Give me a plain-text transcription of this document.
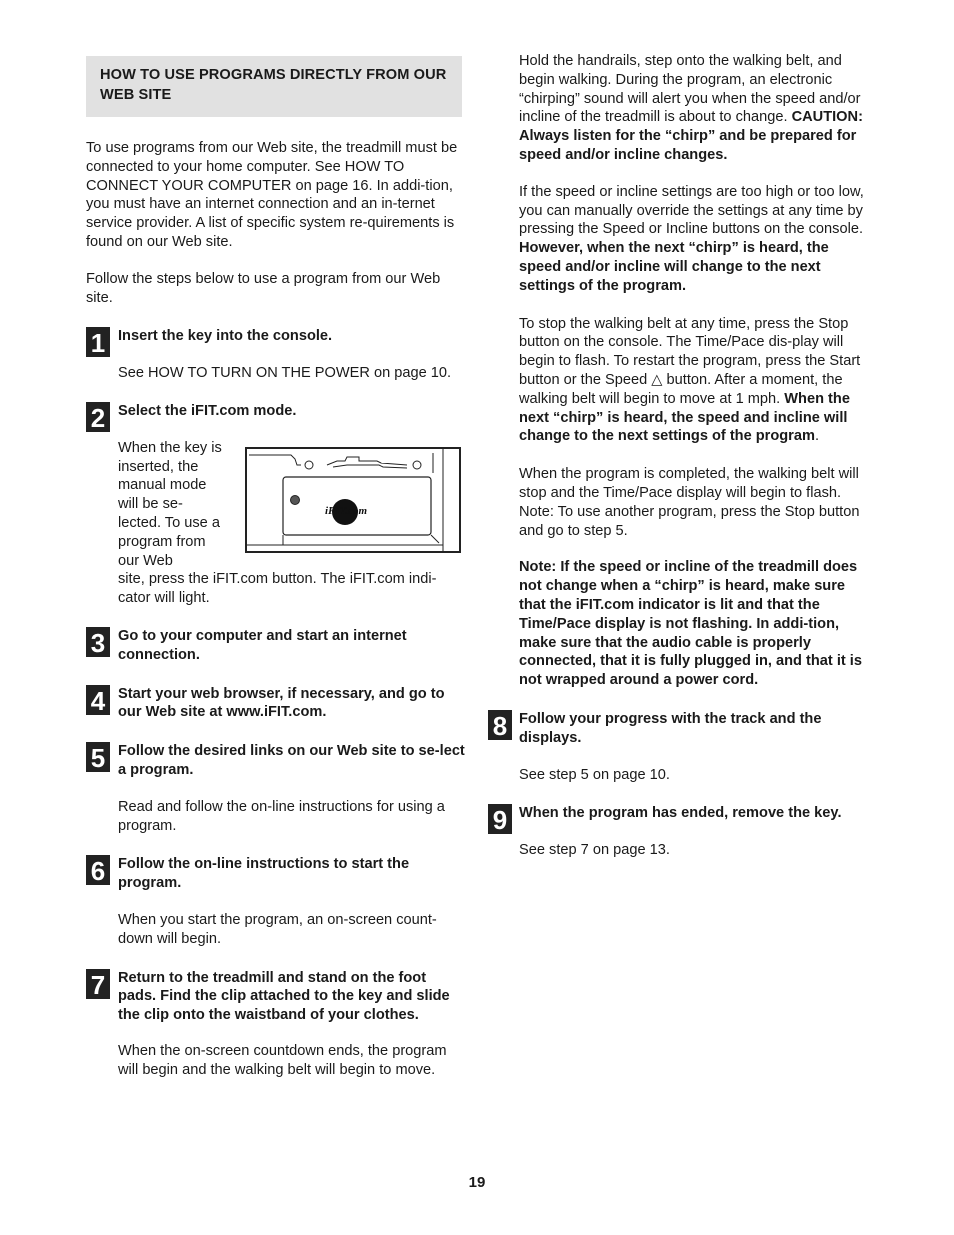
HOW TO USE PROGRAMS DIRECTLY FROM OUR WEB SITE

To use programs from our Web site, the treadmill must be connected to your home computer. See HOW TO CONNECT YOUR COMPUTER on page 16. In addi-tion, you must have an internet connection and an in-ternet service provider. A list of specific system re-quirements is found on our Web site.

Follow the steps below to use a program from our Web site.

1 Insert the key into the console.

See HOW TO TURN ON THE POWER on page 10.

2 Select the iFIT.com mode.

When the key is inserted, the manual mode will be se-lected. To use a program from our Web

site, press the iFIT.com button. The iFIT.com indi-cator will light.

3 Go to your computer and start an internet connection.

4 Start your web browser, if necessary, and go to our Web site at www.iFIT.com.

5 Follow the desired links on our Web site to se-lect a program.

Read and follow the on-line instructions for using a program.

6 Follow the on-line instructions to start the program.

When you start the program, an on-screen count-down will begin.

7 Return to the treadmill and stand on the foot pads. Find the clip attached to the key and slide the clip onto the waistband of your clothes.

When the on-screen countdown ends, the program will begin and the walking belt will begin to move.

iFIT.com

Hold the handrails, step onto the walking belt, and begin walking. During the program, an electronic “chirping” sound will alert you when the speed and/or incline of the treadmill is about to change. CAUTION: Always listen for the “chirp” and be prepared for speed and/or incline changes.

If the speed or incline settings are too high or too low, you can manually override the settings at any time by pressing the Speed or Incline buttons on the console. However, when the next “chirp” is heard, the speed and/or incline will change to the next settings of the program.

To stop the walking belt at any time, press the Stop button on the console. The Time/Pace dis-play will begin to flash. To restart the program, press the Start button or the Speed △ button. After a moment, the walking belt will begin to move at 1 mph. When the next “chirp” is heard, the speed and incline will change to the next settings of the program.

When the program is completed, the walking belt will stop and the Time/Pace display will begin to flash. Note: To use another program, press the Stop button and go to step 5.

Note: If the speed or incline of the treadmill does not change when a “chirp” is heard, make sure that the iFIT.com indicator is lit and that the Time/Pace display is not flashing. In addi-tion, make sure that the audio cable is properly connected, that it is fully plugged in, and that it is not wrapped around a power cord.

8 Follow your progress with the track and the displays.

See step 5 on page 10.

9 When the program has ended, remove the key.

See step 7 on page 13.

19
